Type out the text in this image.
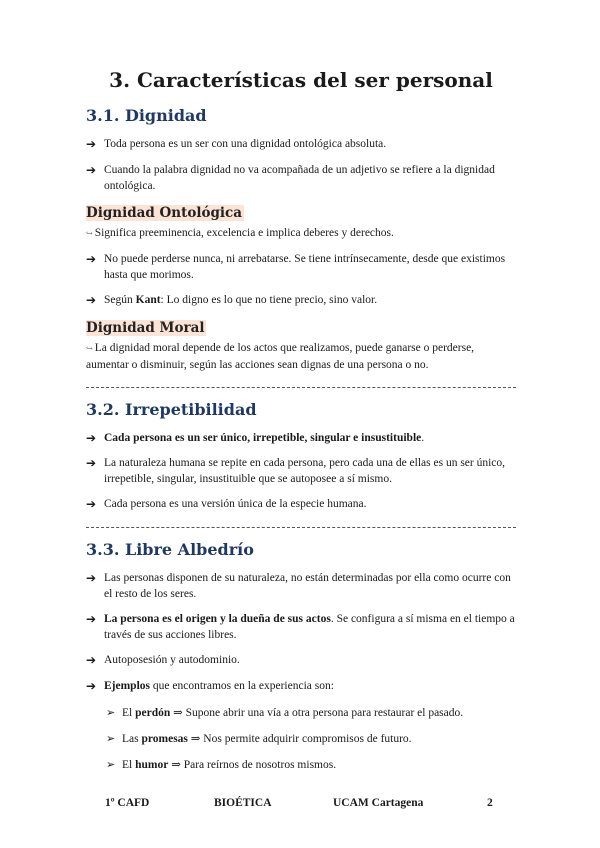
3. Características del ser personal
3.1. Dignidad
➔ Toda persona es un ser con una dignidad ontológica absoluta.
➔ Cuando la palabra dignidad no va acompañada de un adjetivo se refiere a la dignidad ontológica.
Dignidad Ontológica
↪ Significa preeminencia, excelencia e implica deberes y derechos.
➔ No puede perderse nunca, ni arrebatarse. Se tiene intrínsecamente, desde que existimos hasta que morimos.
➔ Según Kant: Lo digno es lo que no tiene precio, sino valor.
Dignidad Moral
↪ La dignidad moral depende de los actos que realizamos, puede ganarse o perderse, aumentar o disminuir, según las acciones sean dignas de una persona o no.
3.2. Irrepetibilidad
➔ Cada persona es un ser único, irrepetible, singular e insustituible.
➔ La naturaleza humana se repite en cada persona, pero cada una de ellas es un ser único, irrepetible, singular, insustituible que se autoposee a sí mismo.
➔ Cada persona es una versión única de la especie humana.
3.3. Libre Albedrío
➔ Las personas disponen de su naturaleza, no están determinadas por ella como ocurre con el resto de los seres.
➔ La persona es el origen y la dueña de sus actos. Se configura a sí misma en el tiempo a través de sus acciones libres.
➔ Autoposesión y autodominio.
➔ Ejemplos que encontramos en la experiencia son:
➢ El perdón ⇒ Supone abrir una vía a otra persona para restaurar el pasado.
➢ Las promesas ⇒ Nos permite adquirir compromisos de futuro.
➢ El humor ⇒ Para reírnos de nosotros mismos.
1º CAFD	BIOÉTICA	UCAM Cartagena	2
